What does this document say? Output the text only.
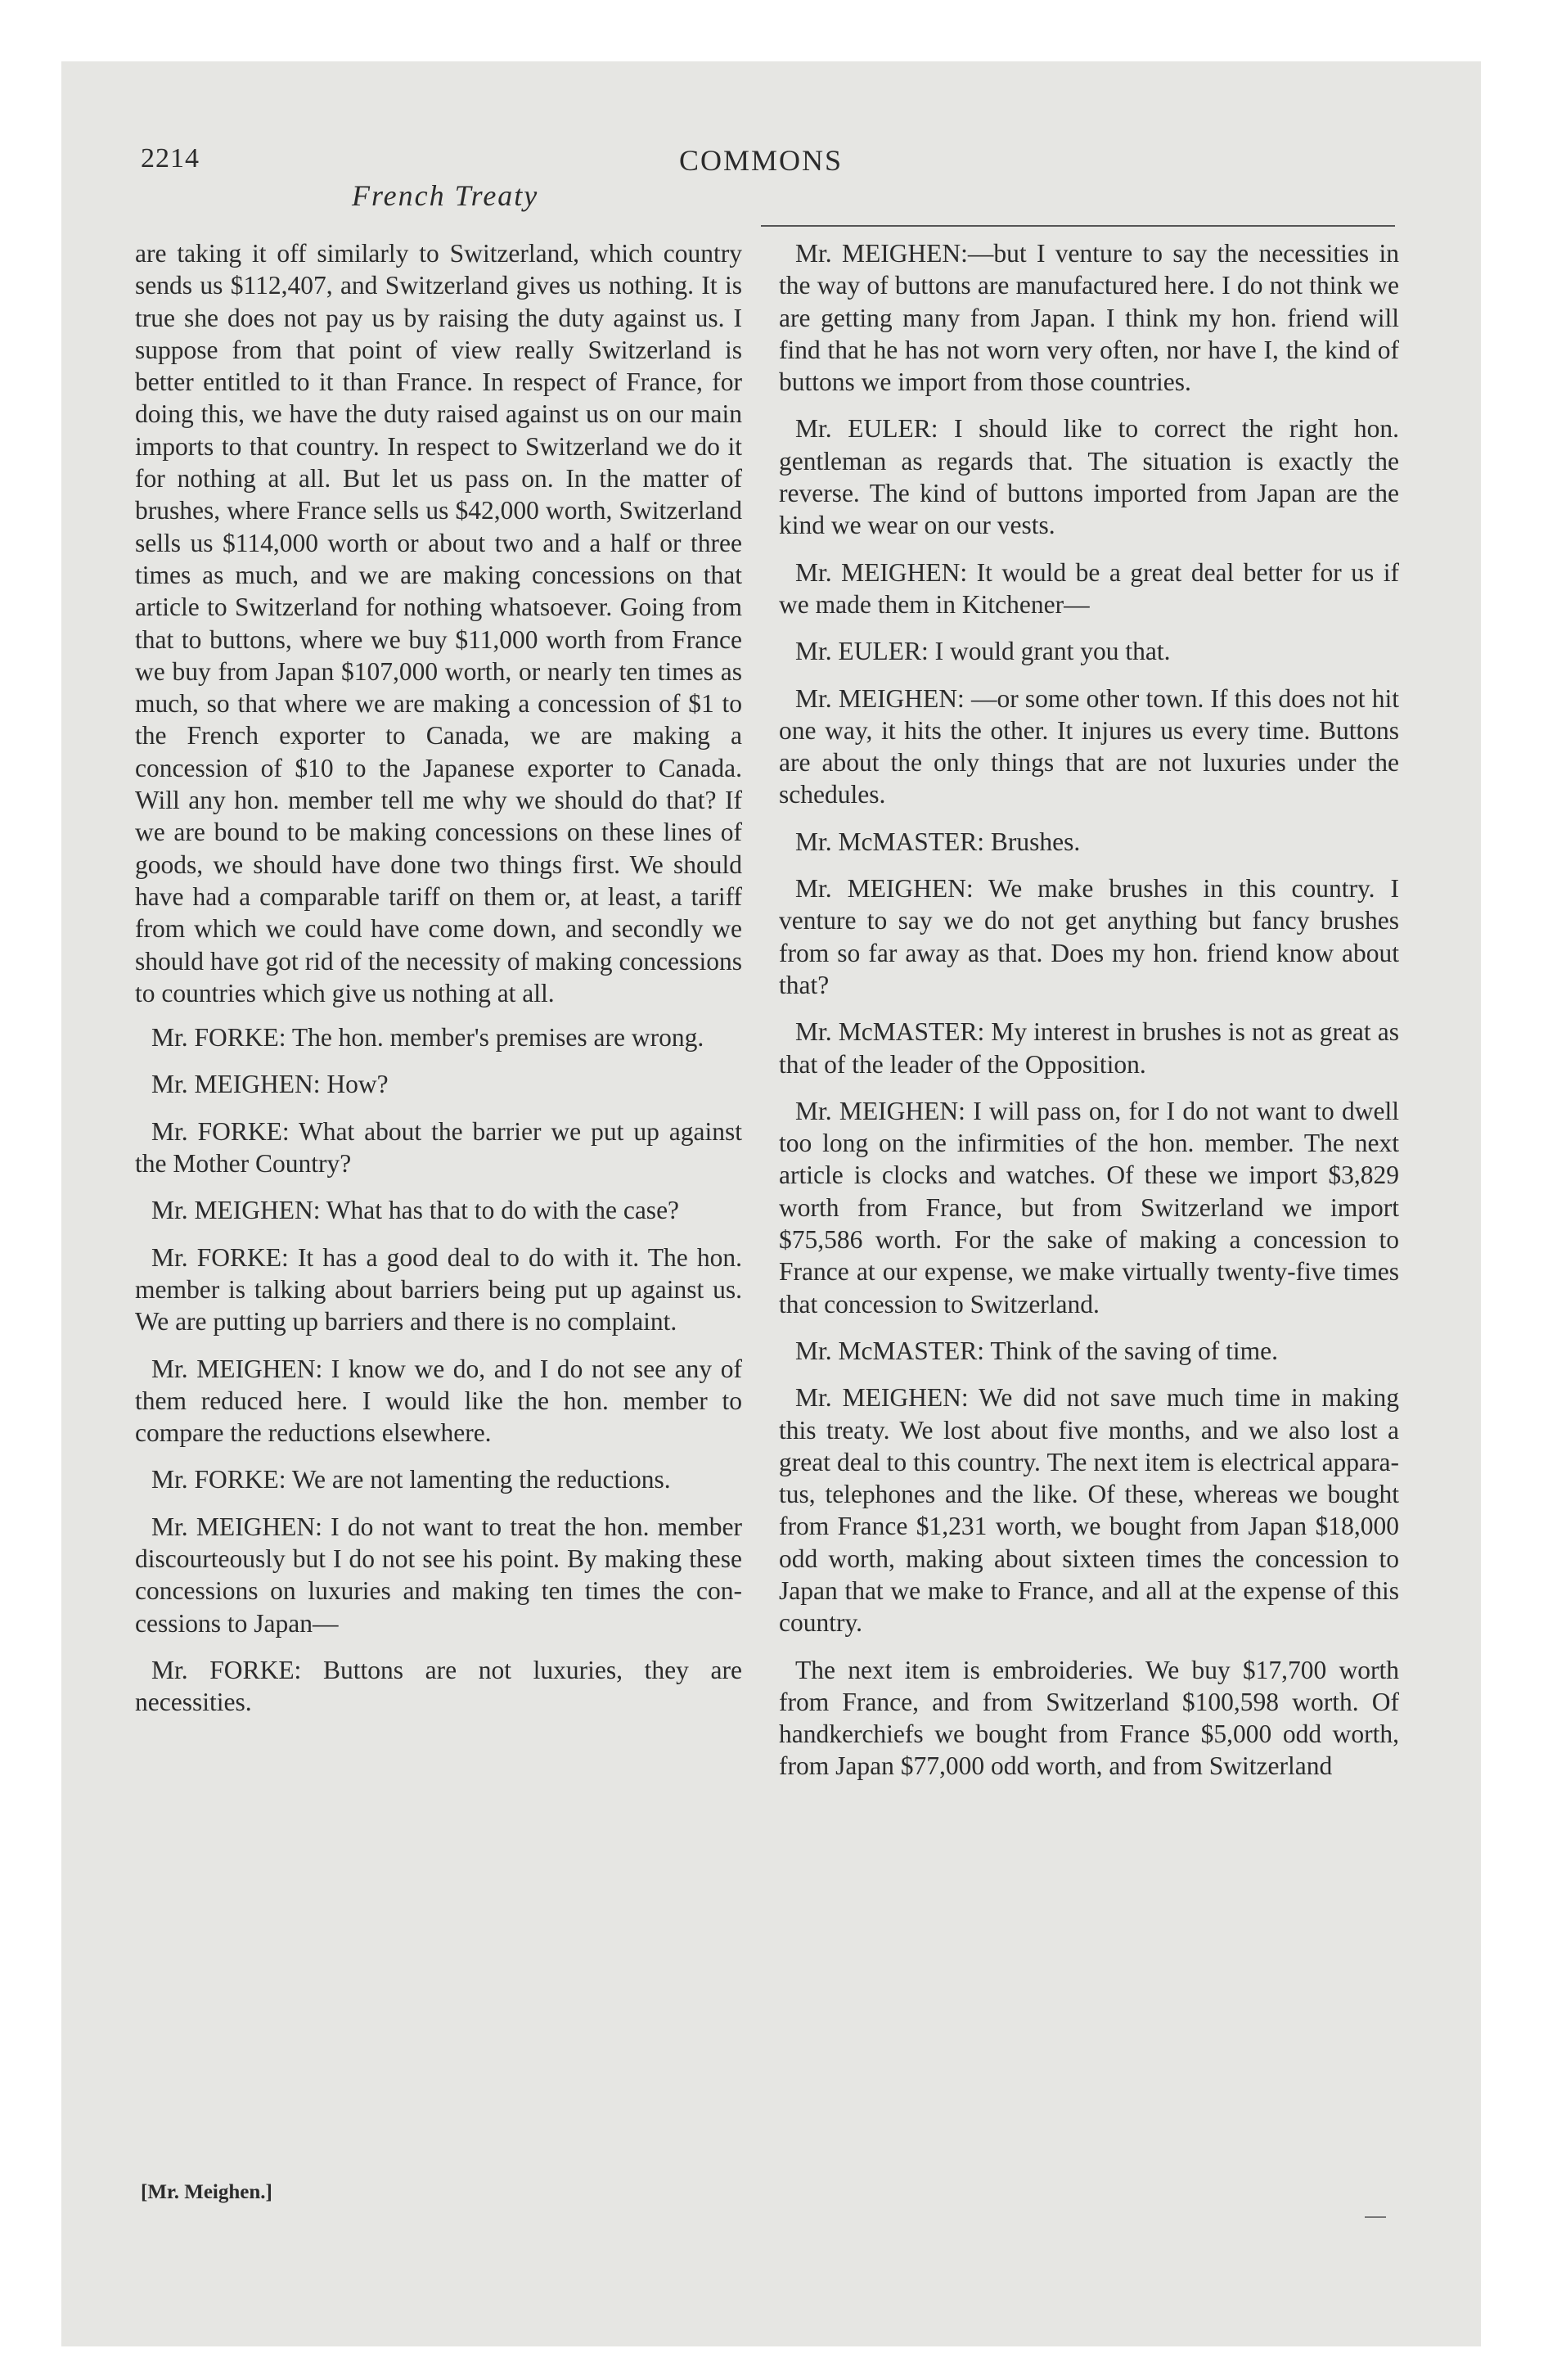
2214
French Treaty
COMMONS

are taking it off similarly to Switzerland, which country sends us $112,407, and Switzerland gives us nothing. It is true she does not pay us by raising the duty against us. I suppose from that point of view really Switzerland is better entitled to it than France. In respect of France, for doing this, we have the duty raised against us on our main imports to that country. In respect to Switzerland we do it for nothing at all. But let us pass on. In the matter of brushes, where France sells us $42,000 worth, Switzerland sells us $114,000 worth or about two and a half or three times as much, and we are making concessions on that article to Switzerland for nothing whatsoever. Going from that to buttons, where we buy $11,000 worth from France we buy from Japan $107,000 worth, or nearly ten times as much, so that where we are making a concession of $1 to the French exporter to Canada, we are making a concession of $10 to the Japanese exporter to Canada. Will any hon. member tell me why we should do that? If we are bound to be making concessions on these lines of goods, we should have done two things first. We should have had a comparable tariff on them or, at least, a tariff from which we could have come down, and secondly we should have got rid of the necessity of making concessions to countries which give us nothing at all.

Mr. FORKE: The hon. member's premises are wrong.

Mr. MEIGHEN: How?

Mr. FORKE: What about the barrier we put up against the Mother Country?

Mr. MEIGHEN: What has that to do with the case?

Mr. FORKE: It has a good deal to do with it. The hon. member is talking about barriers being put up against us. We are putting up barriers and there is no complaint.

Mr. MEIGHEN: I know we do, and I do not see any of them reduced here. I would like the hon. member to compare the reductions elsewhere.

Mr. FORKE: We are not lamenting the reductions.

Mr. MEIGHEN: I do not want to treat the hon. member discourteously but I do not see his point. By making these concessions on luxuries and making ten times the concessions to Japan—

Mr. FORKE: Buttons are not luxuries, they are necessities.

[Mr. Meighen.]

Mr. MEIGHEN:—but I venture to say the necessities in the way of buttons are manufactured here. I do not think we are getting many from Japan. I think my hon. friend will find that he has not worn very often, nor have I, the kind of buttons we import from those countries.

Mr. EULER: I should like to correct the right hon. gentleman as regards that. The situation is exactly the reverse. The kind of buttons imported from Japan are the kind we wear on our vests.

Mr. MEIGHEN: It would be a great deal better for us if we made them in Kitchener—

Mr. EULER: I would grant you that.

Mr. MEIGHEN: —or some other town. If this does not hit one way, it hits the other. It injures us every time. Buttons are about the only things that are not luxuries under the schedules.

Mr. McMASTER: Brushes.

Mr. MEIGHEN: We make brushes in this country. I venture to say we do not get anything but fancy brushes from so far away as that. Does my hon. friend know about that?

Mr. McMASTER: My interest in brushes is not as great as that of the leader of the Opposition.

Mr. MEIGHEN: I will pass on, for I do not want to dwell too long on the infirmities of the hon. member. The next article is clocks and watches. Of these we import $3,829 worth from France, but from Switzerland we import $75,586 worth. For the sake of making a concession to France at our expense, we make virtually twenty-five times that concession to Switzerland.

Mr. McMASTER: Think of the saving of time.

Mr. MEIGHEN: We did not save much time in making this treaty. We lost about five months, and we also lost a great deal to this country. The next item is electrical apparatus, telephones and the like. Of these, whereas we bought from France $1,231 worth, we bought from Japan $18,000 odd worth, making about sixteen times the concession to Japan that we make to France, and all at the expense of this country.

The next item is embroideries. We buy $17,700 worth from France, and from Switzerland $100,598 worth. Of handkerchiefs we bought from France $5,000 odd worth, from Japan $77,000 odd worth, and from Switzerland
